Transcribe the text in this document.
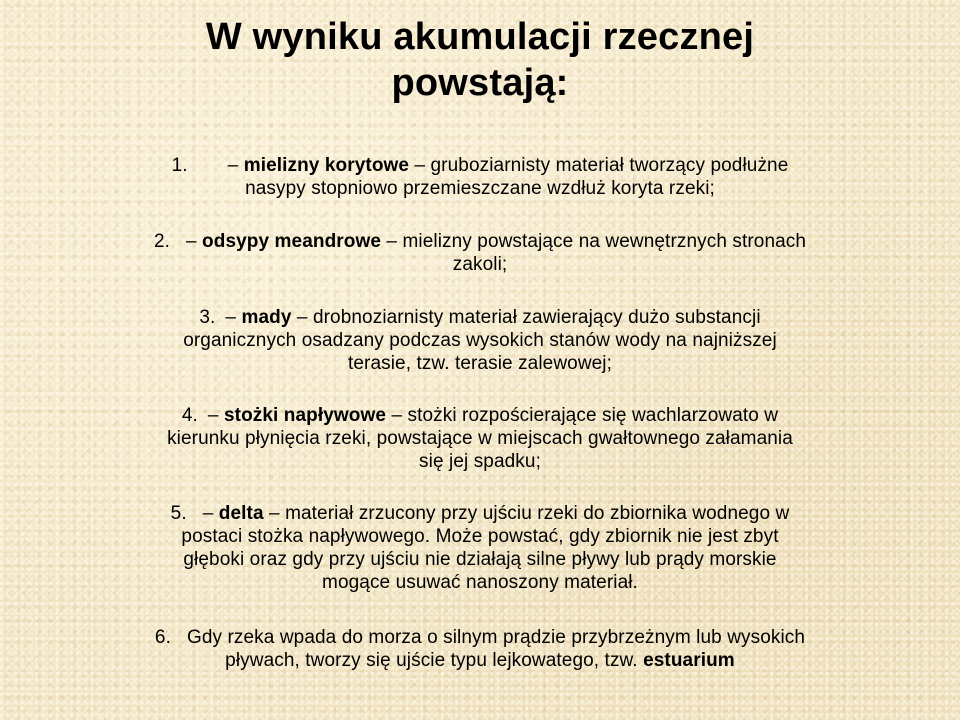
W wyniku akumulacji rzecznej
powstają:
1. – mielizny korytowe – gruboziarnisty materiał tworzący podłużne
nasypy stopniowo przemieszczane wzdłuż koryta rzeki;
2. – odsypy meandrowe – mielizny powstające na wewnętrznych stronach
zakoli;
3. – mady – drobnoziarnisty materiał zawierający dużo substancji
organicznych osadzany podczas wysokich stanów wody na najniższej
terasie, tzw. terasie zalewowej;
4. – stożki napływowe – stożki rozpościerające się wachlarzowato w
kierunku płynięcia rzeki, powstające w miejscach gwałtownego załamania
się jej spadku;
5. – delta – materiał zrzucony przy ujściu rzeki do zbiornika wodnego w
postaci stożka napływowego. Może powstać, gdy zbiornik nie jest zbyt
głęboki oraz gdy przy ujściu nie działają silne pływy lub prądy morskie
mogące usuwać nanoszony materiał.
6. Gdy rzeka wpada do morza o silnym prądzie przybrzeżnym lub wysokich
pływach, tworzy się ujście typu lejkowatego, tzw. estuarium
